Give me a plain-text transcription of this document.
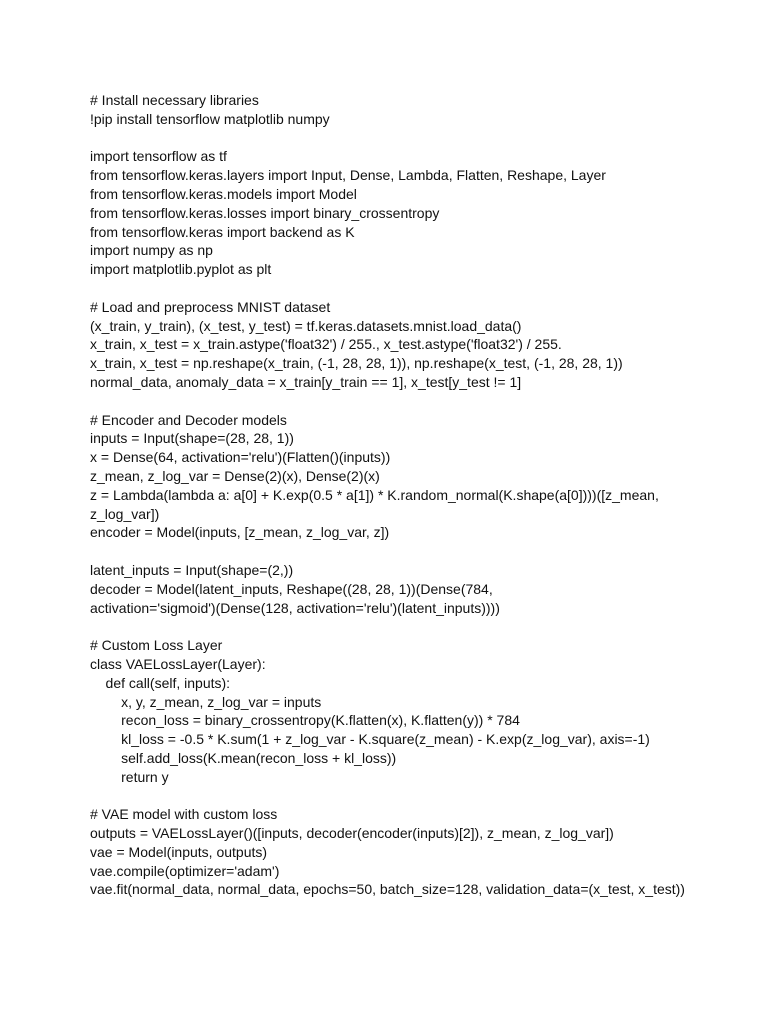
# Install necessary libraries
!pip install tensorflow matplotlib numpy
import tensorflow as tf
from tensorflow.keras.layers import Input, Dense, Lambda, Flatten, Reshape, Layer
from tensorflow.keras.models import Model
from tensorflow.keras.losses import binary_crossentropy
from tensorflow.keras import backend as K
import numpy as np
import matplotlib.pyplot as plt
# Load and preprocess MNIST dataset
(x_train, y_train), (x_test, y_test) = tf.keras.datasets.mnist.load_data()
x_train, x_test = x_train.astype('float32') / 255., x_test.astype('float32') / 255.
x_train, x_test = np.reshape(x_train, (-1, 28, 28, 1)), np.reshape(x_test, (-1, 28, 28, 1))
normal_data, anomaly_data = x_train[y_train == 1], x_test[y_test != 1]
# Encoder and Decoder models
inputs = Input(shape=(28, 28, 1))
x = Dense(64, activation='relu')(Flatten()(inputs))
z_mean, z_log_var = Dense(2)(x), Dense(2)(x)
z = Lambda(lambda a: a[0] + K.exp(0.5 * a[1]) * K.random_normal(K.shape(a[0])))([z_mean,
z_log_var])
encoder = Model(inputs, [z_mean, z_log_var, z])
latent_inputs = Input(shape=(2,))
decoder = Model(latent_inputs, Reshape((28, 28, 1))(Dense(784,
activation='sigmoid')(Dense(128, activation='relu')(latent_inputs))))
# Custom Loss Layer
class VAELossLayer(Layer):
def call(self, inputs):
x, y, z_mean, z_log_var = inputs
recon_loss = binary_crossentropy(K.flatten(x), K.flatten(y)) * 784
kl_loss = -0.5 * K.sum(1 + z_log_var - K.square(z_mean) - K.exp(z_log_var), axis=-1)
self.add_loss(K.mean(recon_loss + kl_loss))
return y
# VAE model with custom loss
outputs = VAELossLayer()([inputs, decoder(encoder(inputs)[2]), z_mean, z_log_var])
vae = Model(inputs, outputs)
vae.compile(optimizer='adam')
vae.fit(normal_data, normal_data, epochs=50, batch_size=128, validation_data=(x_test, x_test))
